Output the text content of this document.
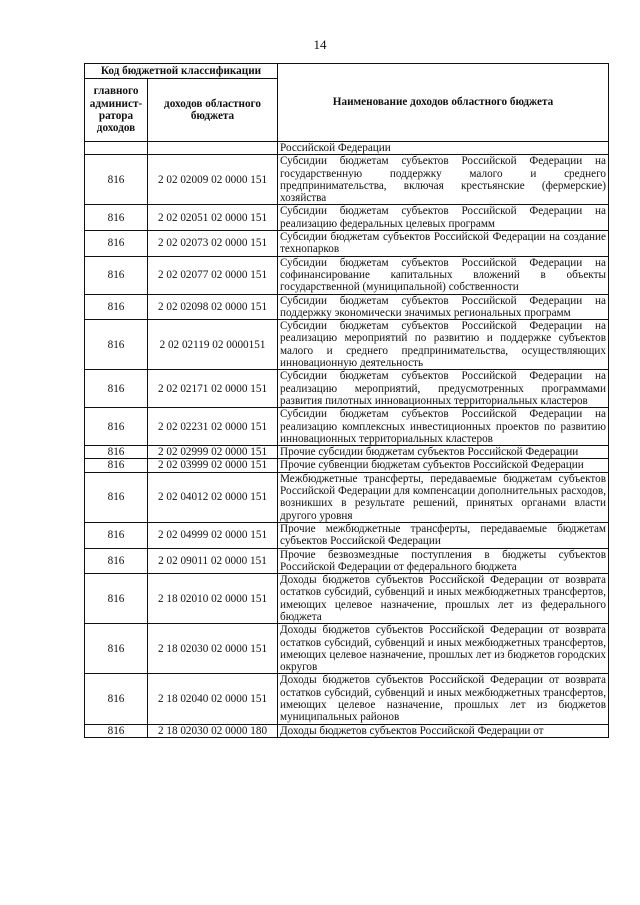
14
Код бюджетной классификации		Наименование доходов областного бюджета
главного админист-ратора доходов	доходов областного бюджета	
		Российской Федерации
816	2 02 02009 02 0000 151	Субсидии бюджетам субъектов Российской Федерации на государственную поддержку малого и среднего предпринимательства, включая крестьянские (фермерские) хозяйства
816	2 02 02051 02 0000 151	Субсидии бюджетам субъектов Российской Федерации на реализацию федеральных целевых программ
816	2 02 02073 02 0000 151	Субсидии бюджетам субъектов Российской Федерации на создание технопарков
816	2 02 02077 02 0000 151	Субсидии бюджетам субъектов Российской Федерации на софинансирование капитальных вложений в объекты государственной (муниципальной) собственности
816	2 02 02098 02 0000 151	Субсидии бюджетам субъектов Российской Федерации на поддержку экономически значимых региональных программ
816	2 02 02119 02 0000151	Субсидии бюджетам субъектов Российской Федерации на реализацию мероприятий по развитию и поддержке субъектов малого и среднего предпринимательства, осуществляющих инновационную деятельность
816	2 02 02171 02 0000 151	Субсидии бюджетам субъектов Российской Федерации на реализацию мероприятий, предусмотренных программами развития пилотных инновационных территориальных кластеров
816	2 02 02231 02 0000 151	Субсидии бюджетам субъектов Российской Федерации на реализацию комплексных инвестиционных проектов по развитию инновационных территориальных кластеров
816	2 02 02999 02 0000 151	Прочие субсидии бюджетам субъектов Российской Федерации
816	2 02 03999 02 0000 151	Прочие субвенции бюджетам субъектов Российской Федерации
816	2 02 04012 02 0000 151	Межбюджетные трансферты, передаваемые бюджетам субъектов Российской Федерации для компенсации дополнительных расходов, возникших в результате решений, принятых органами власти другого уровня
816	2 02 04999 02 0000 151	Прочие межбюджетные трансферты, передаваемые бюджетам субъектов Российской Федерации
816	2 02 09011 02 0000 151	Прочие безвозмездные поступления в бюджеты субъектов Российской Федерации от федерального бюджета
816	2 18 02010 02 0000 151	Доходы бюджетов субъектов Российской Федерации от возврата остатков субсидий, субвенций и иных межбюджетных трансфертов, имеющих целевое назначение, прошлых лет из федерального бюджета
816	2 18 02030 02 0000 151	Доходы бюджетов субъектов Российской Федерации от возврата остатков субсидий, субвенций и иных межбюджетных трансфертов, имеющих целевое назначение, прошлых лет из бюджетов городских округов
816	2 18 02040 02 0000 151	Доходы бюджетов субъектов Российской Федерации от возврата остатков субсидий, субвенций и иных межбюджетных трансфертов, имеющих целевое назначение, прошлых лет из бюджетов муниципальных районов
816	2 18 02030 02 0000 180	Доходы бюджетов субъектов Российской Федерации от
